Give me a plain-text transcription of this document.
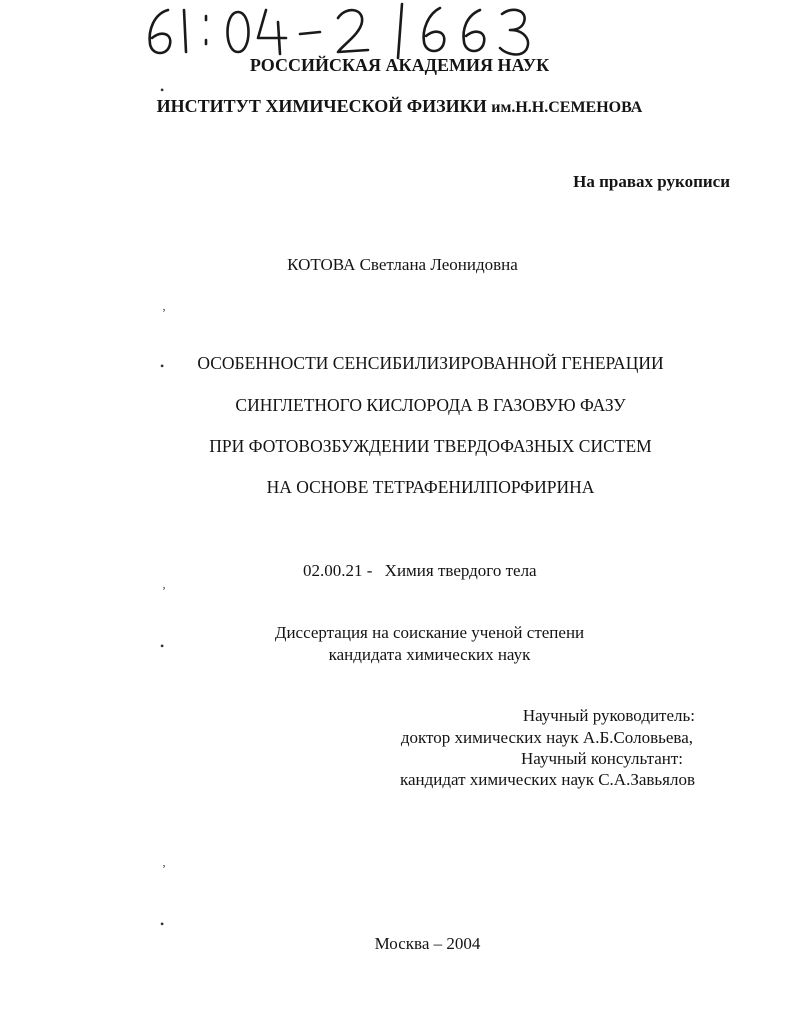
РОССИЙСКАЯ АКАДЕМИЯ НАУК
ИНСТИТУТ ХИМИЧЕСКОЙ ФИЗИКИ им.Н.Н.СЕМЕНОВА
На правах рукописи
КОТОВА Светлана Леонидовна
ОСОБЕННОСТИ СЕНСИБИЛИЗИРОВАННОЙ ГЕНЕРАЦИИ
СИНГЛЕТНОГО КИСЛОРОДА В ГАЗОВУЮ ФАЗУ
ПРИ ФОТОВОЗБУЖДЕНИИ ТВЕРДОФАЗНЫХ СИСТЕМ
НА ОСНОВЕ ТЕТРАФЕНИЛПОРФИРИНА
02.00.21 - Химия твердого тела
Диссертация на соискание ученой степени
кандидата химических наук
Научный руководитель:
доктор химических наук А.Б.Соловьева,
Научный консультант:
кандидат химических наук С.А.Завьялов
Москва – 2004
•
‚
•
‚
•
‚
•
